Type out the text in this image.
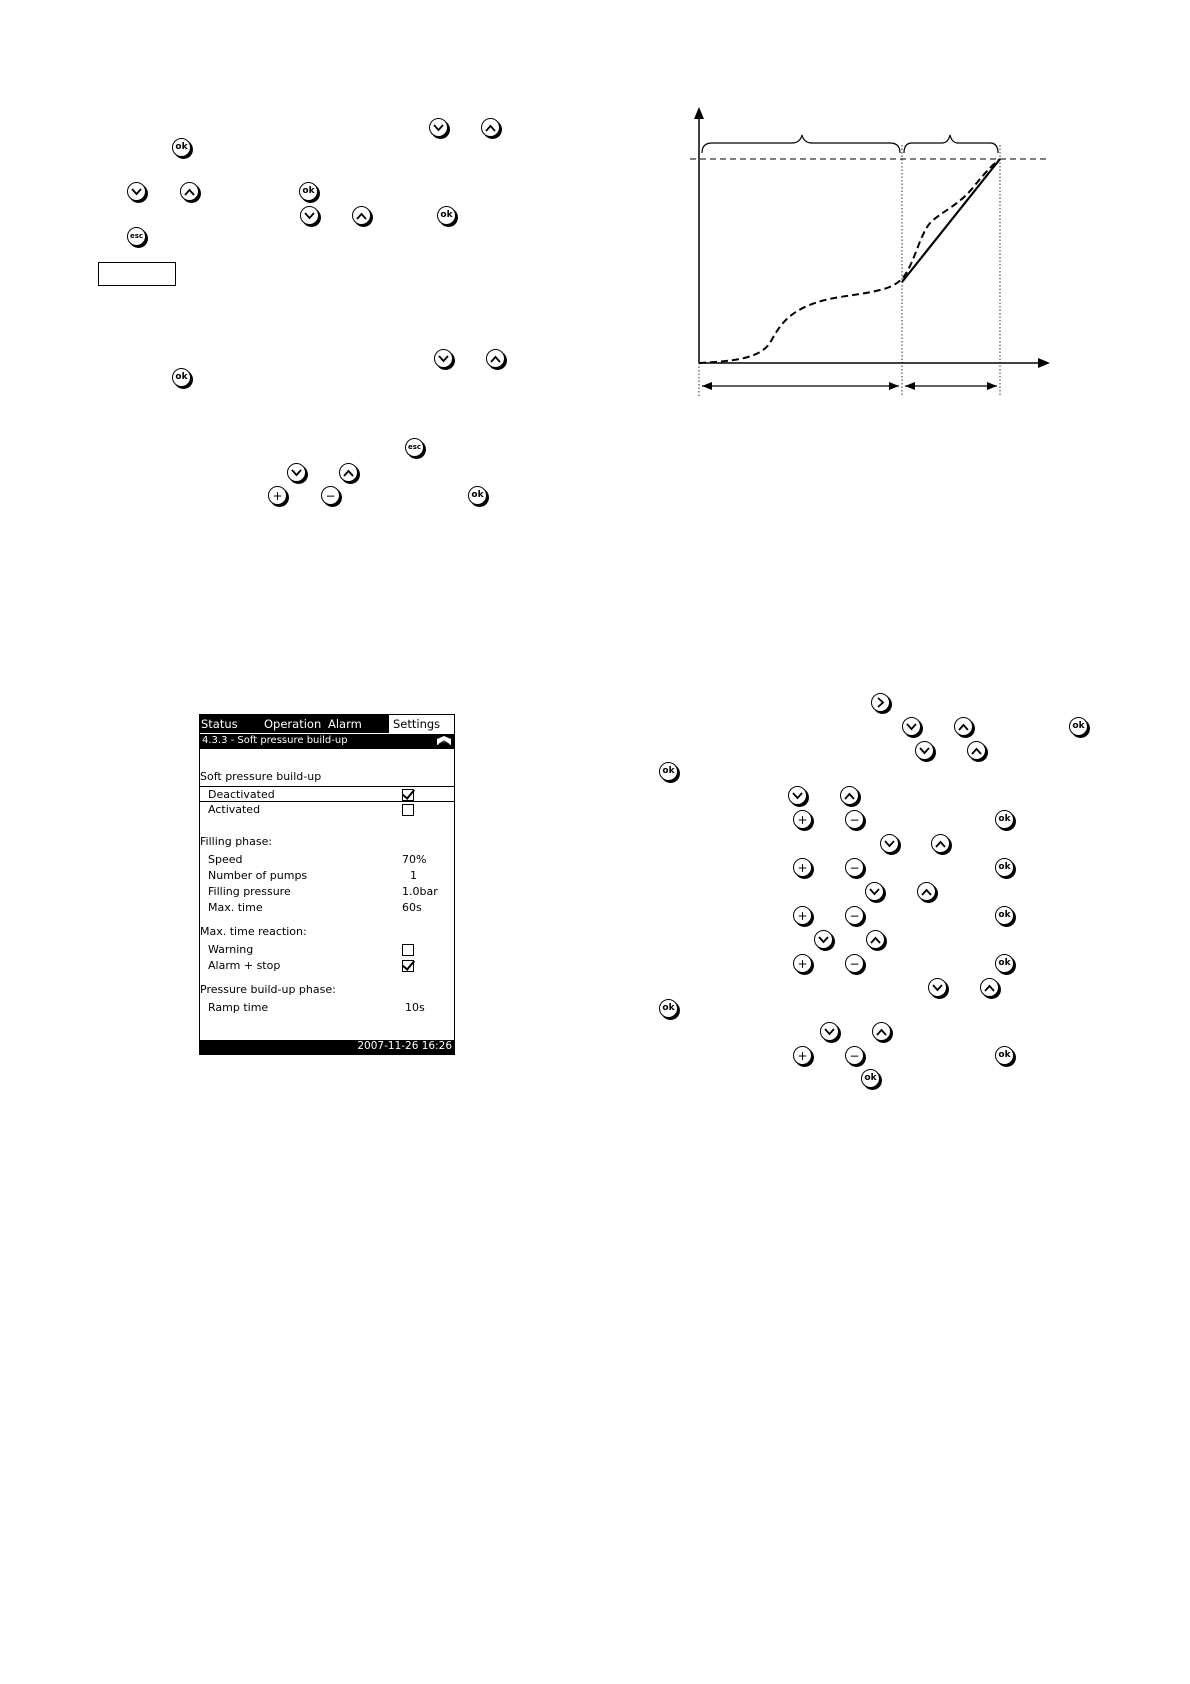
ok
ok
ok
esc
ok
esc
+	−	ok
Status Operation Alarm	Settings
4.3.3 - Soft pressure build-up
Soft pressure build-up
Deactivated
Activated
Filling phase:
Speed	70%
Number of pumps	1
Filling pressure	1.0bar
Max. time	60s
Max. time reaction:
Warning
Alarm + stop
Pressure build-up phase:
Ramp time	10s
2007-11-26 16:26
ok
ok
+	−	ok
+	−	ok
+	−	ok
+	−	ok
ok
+	−	ok
ok
